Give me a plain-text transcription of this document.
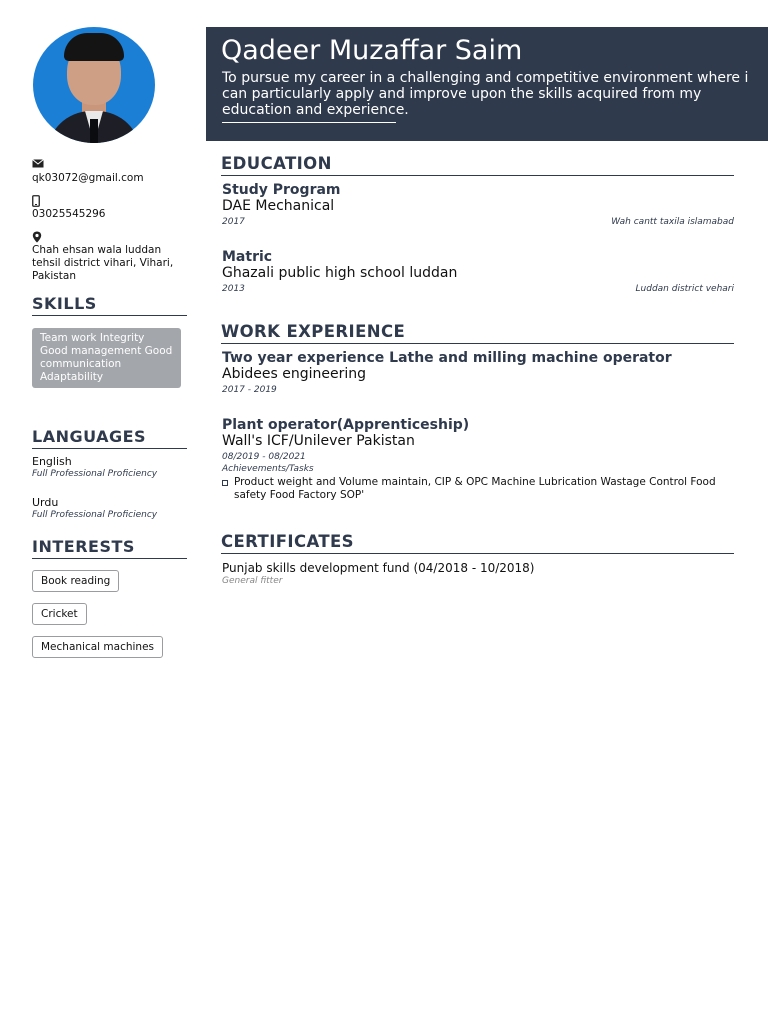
qk03072@gmail.com
03025545296
Chah ehsan wala luddan tehsil district vihari, Vihari, Pakistan
SKILLS
Team work Integrity Good management Good communication Adaptability
LANGUAGES
English
Full Professional Proficiency
Urdu
Full Professional Proficiency
INTERESTS
Book reading
Cricket
Mechanical machines
Qadeer Muzaffar Saim
To pursue my career in a challenging and competitive environment where i can particularly apply and improve upon the skills acquired from my education and experience.
EDUCATION
Study Program
DAE Mechanical
2017	Wah cantt taxila islamabad
Matric
Ghazali public high school luddan
2013	Luddan district vehari
WORK EXPERIENCE
Two year experience Lathe and milling machine operator
Abidees engineering
2017 - 2019
Plant operator(Apprenticeship)
Wall's ICF/Unilever Pakistan
08/2019 - 08/2021
Achievements/Tasks
Product weight and Volume maintain, CIP & OPC Machine Lubrication Wastage Control Food safety Food Factory SOP'
CERTIFICATES
Punjab skills development fund (04/2018 - 10/2018)
General fitter
